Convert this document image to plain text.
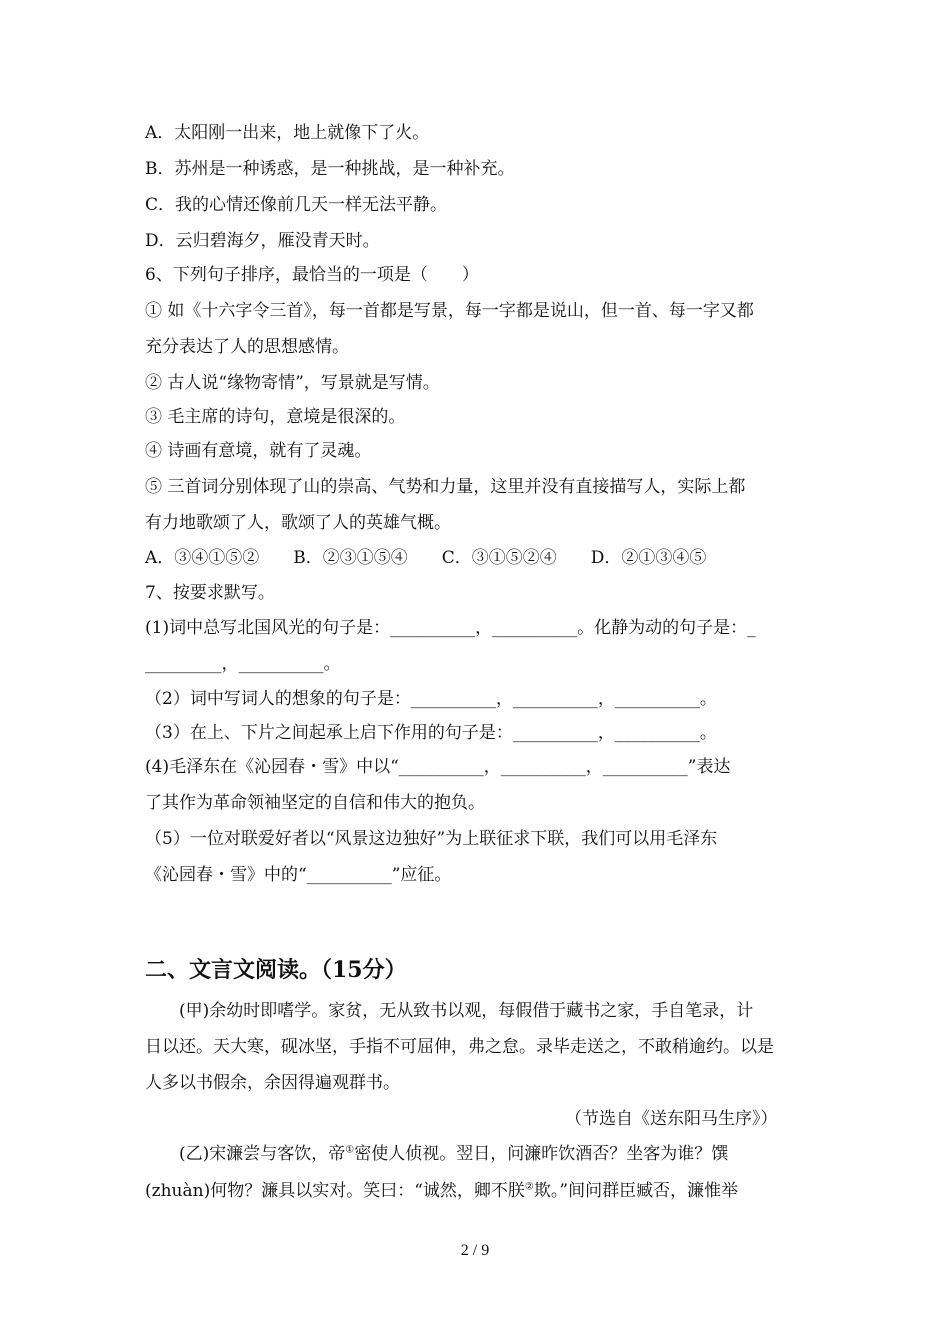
A．太阳刚一出来，地上就像下了火。
B．苏州是一种诱惑，是一种挑战，是一种补充。
C．我的心情还像前几天一样无法平静。
D．云归碧海夕，雁没青天时。
6、下列句子排序，最恰当的一项是（　　）
① 如《十六字令三首》，每一首都是写景，每一字都是说山，但一首、每一字又都
充分表达了人的思想感情。
② 古人说“缘物寄情”，写景就是写情。
③ 毛主席的诗句，意境是很深的。
④ 诗画有意境，就有了灵魂。
⑤ 三首词分别体现了山的崇高、气势和力量，这里并没有直接描写人，实际上都
有力地歌颂了人，歌颂了人的英雄气概。
A．③④①⑤②　　B．②③①⑤④　　C．③①⑤②④　　D．②①③④⑤
7、按要求默写。
(1)词中总写北国风光的句子是：__________，__________。化静为动的句子是：_
_________，__________。
（2）词中写词人的想象的句子是：__________，__________，__________。
（3）在上、下片之间起承上启下作用的句子是：__________，__________。
(4)毛泽东在《沁园春・雪》中以“__________，__________，__________”表达
了其作为革命领袖坚定的自信和伟大的抱负。
（5）一位对联爱好者以“风景这边独好”为上联征求下联，我们可以用毛泽东
《沁园春・雪》中的“__________”应征。
二、文言文阅读。（15分）
　　(甲)余幼时即嗜学。家贫，无从致书以观，每假借于藏书之家，手自笔录，计
日以还。天大寒，砚冰坚，手指不可屈伸，弗之怠。录毕走送之，不敢稍逾约。以是
人多以书假余，余因得遍观群书。
（节选自《送东阳马生序》）
　　(乙)宋濂尝与客饮，帝①密使人侦视。翌日，问濂昨饮酒否？坐客为谁？馔
(zhuàn)何物？濂具以实对。笑曰：“诚然，卿不朕②欺。”间问群臣臧否，濂惟举
2 / 9
